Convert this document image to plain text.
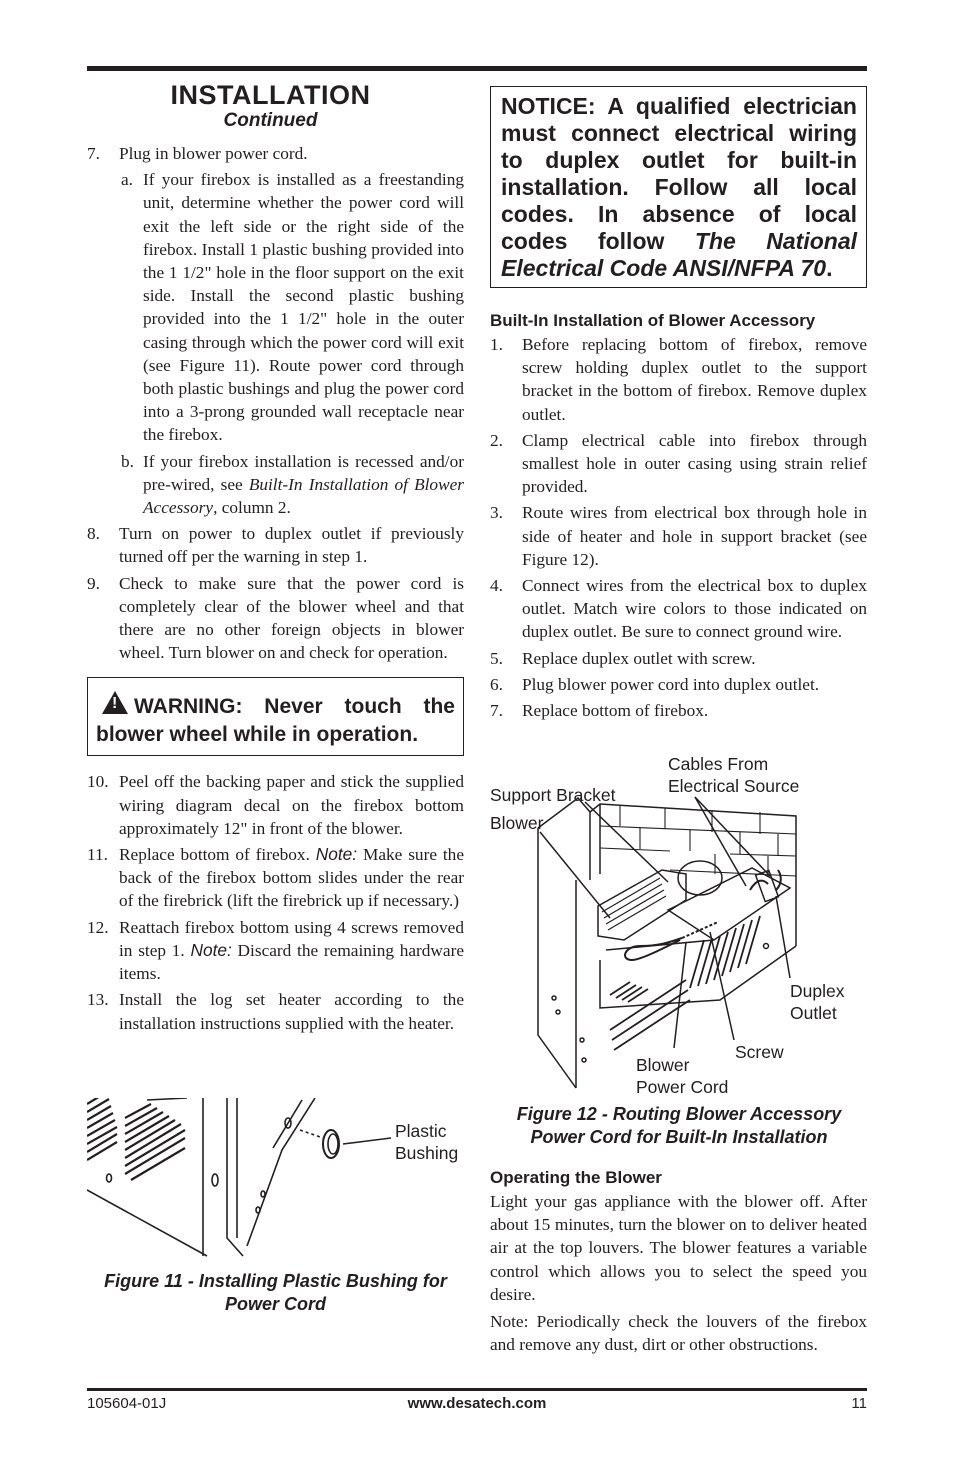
INSTALLATION
Continued
7. Plug in blower power cord.
a. If your firebox is installed as a freestanding unit, determine whether the power cord will exit the left side or the right side of the firebox. Install 1 plastic bushing provided into the 1 1/2" hole in the floor support on the exit side. Install the second plastic bushing provided into the 1 1/2" hole in the outer casing through which the power cord will exit (see Figure 11). Route power cord through both plastic bushings and plug the power cord into a 3-prong grounded wall receptacle near the firebox.
b. If your firebox installation is recessed and/or pre-wired, see Built-In Installation of Blower Accessory, column 2.
8. Turn on power to duplex outlet if previously turned off per the warning in step 1.
9. Check to make sure that the power cord is completely clear of the blower wheel and that there are no other foreign objects in blower wheel. Turn blower on and check for operation.
! WARNING: Never touch the blower wheel while in operation.
10. Peel off the backing paper and stick the supplied wiring diagram decal on the firebox bottom approximately 12" in front of the blower.
11. Replace bottom of firebox. Note: Make sure the back of the firebox bottom slides under the rear of the firebrick (lift the firebrick up if necessary.)
12. Reattach firebox bottom using 4 screws removed in step 1. Note: Discard the remaining hardware items.
13. Install the log set heater according to the installation instructions supplied with the heater.
Plastic
Bushing
Figure 11 - Installing Plastic Bushing for Power Cord
NOTICE: A qualified electrician must connect electrical wiring to duplex outlet for built-in installation. Follow all local codes. In absence of local codes follow The National Electrical Code ANSI/NFPA 70.
Built-In Installation of Blower Accessory
1. Before replacing bottom of firebox, remove screw holding duplex outlet to the support bracket in the bottom of firebox. Remove duplex outlet.
2. Clamp electrical cable into firebox through smallest hole in outer casing using strain relief provided.
3. Route wires from electrical box through hole in side of heater and hole in support bracket (see Figure 12).
4. Connect wires from the electrical box to duplex outlet. Match wire colors to those indicated on duplex outlet. Be sure to connect ground wire.
5. Replace duplex outlet with screw.
6. Plug blower power cord into duplex outlet.
7. Replace bottom of firebox.
Cables From
Electrical Source
Support Bracket
Blower
Duplex
Outlet
Screw
Blower
Power Cord
Figure 12 - Routing Blower Accessory
Power Cord for Built-In Installation
Operating the Blower
Light your gas appliance with the blower off. After about 15 minutes, turn the blower on to deliver heated air at the top louvers. The blower features a variable control which allows you to select the speed you desire.
Note: Periodically check the louvers of the firebox and remove any dust, dirt or other obstructions.
105604-01J	www.desatech.com	11
